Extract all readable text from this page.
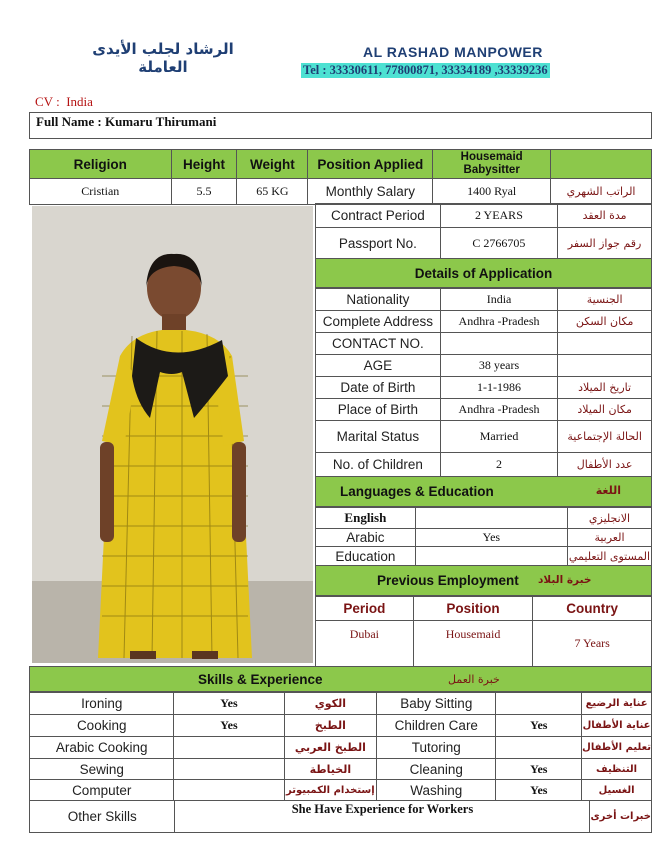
الرشاد لجلب الأيدى العاملة
AL RASHAD MANPOWER
Tel : 33330611, 77800871, 33334189 ,33339236
CV : India
Full Name : Kumaru Thirumani
Religion	Height	Weight	Position Applied	Housemaid Babysitter	
Cristian	5.5	65 KG	Monthly Salary	1400 Ryal	الراتب الشهري
Contract Period	2 YEARS	مدة العقد
Passport No.	C 2766705	رقم جواز السفر
Details of Application
Nationality	India	الجنسية
Complete Address	Andhra -Pradesh	مكان السكن
CONTACT NO.		
AGE	38 years	
Date of Birth	1-1-1986	تاريخ الميلاد
Place of Birth	Andhra -Pradesh	مكان الميلاد
Marital Status	Married	الحالة الإجتماعية
No. of Children	2	عدد الأطفال
Languages & Education	اللغة
English		الانجليزي
Arabic	Yes	العربية
Education		المستوى التعليمي
Previous Employment خبرة البلاد
Period	Position	Country
Dubai	Housemaid	7 Years
Skills & Experience	خبرة العمل
Ironing	Yes	الكوي	Baby Sitting		عناية الرضيع
Cooking	Yes	الطبخ	Children Care	Yes	عناية الأطفال
Arabic Cooking		الطبخ العربي	Tutoring		تعليم الأطفال
Sewing		الخياطة	Cleaning	Yes	التنظيف
Computer		إستخدام الكمبيوتر	Washing	Yes	الغسيل
Other Skills	She Have Experience for Workers	خبرات أخرى
